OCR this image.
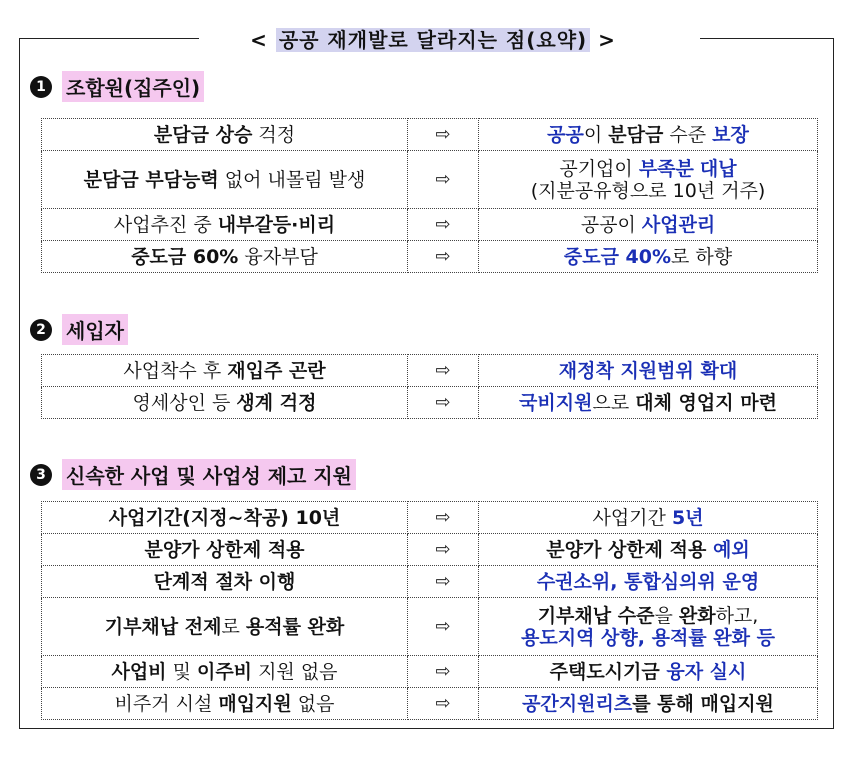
< 공공 재개발로 달라지는 점(요약) >
1	조합원(집주인)
분담금 상승 걱정	⇨	공공이 분담금 수준 보장

분담금 부담능력 없어 내몰림 발생	⇨	공기업이 부족분 대납
(지분공유형으로 10년 거주)

사업추진 중 내부갈등·비리	⇨	공공이 사업관리

중도금 60% 융자부담	⇨	중도금 40%로 하향
2	세입자
사업착수 후 재입주 곤란	⇨	재정착 지원범위 확대

영세상인 등 생계 걱정	⇨	국비지원으로 대체 영업지 마련
3	신속한 사업 및 사업성 제고 지원
사업기간(지정~착공) 10년	⇨	사업기간 5년

분양가 상한제 적용	⇨	분양가 상한제 적용 예외

단계적 절차 이행	⇨	수권소위, 통합심의위 운영

기부채납 전제로 용적률 완화	⇨	기부채납 수준을 완화하고,
용도지역 상향, 용적률 완화 등

사업비 및 이주비 지원 없음	⇨	주택도시기금 융자 실시

비주거 시설 매입지원 없음	⇨	공간지원리츠를 통해 매입지원
